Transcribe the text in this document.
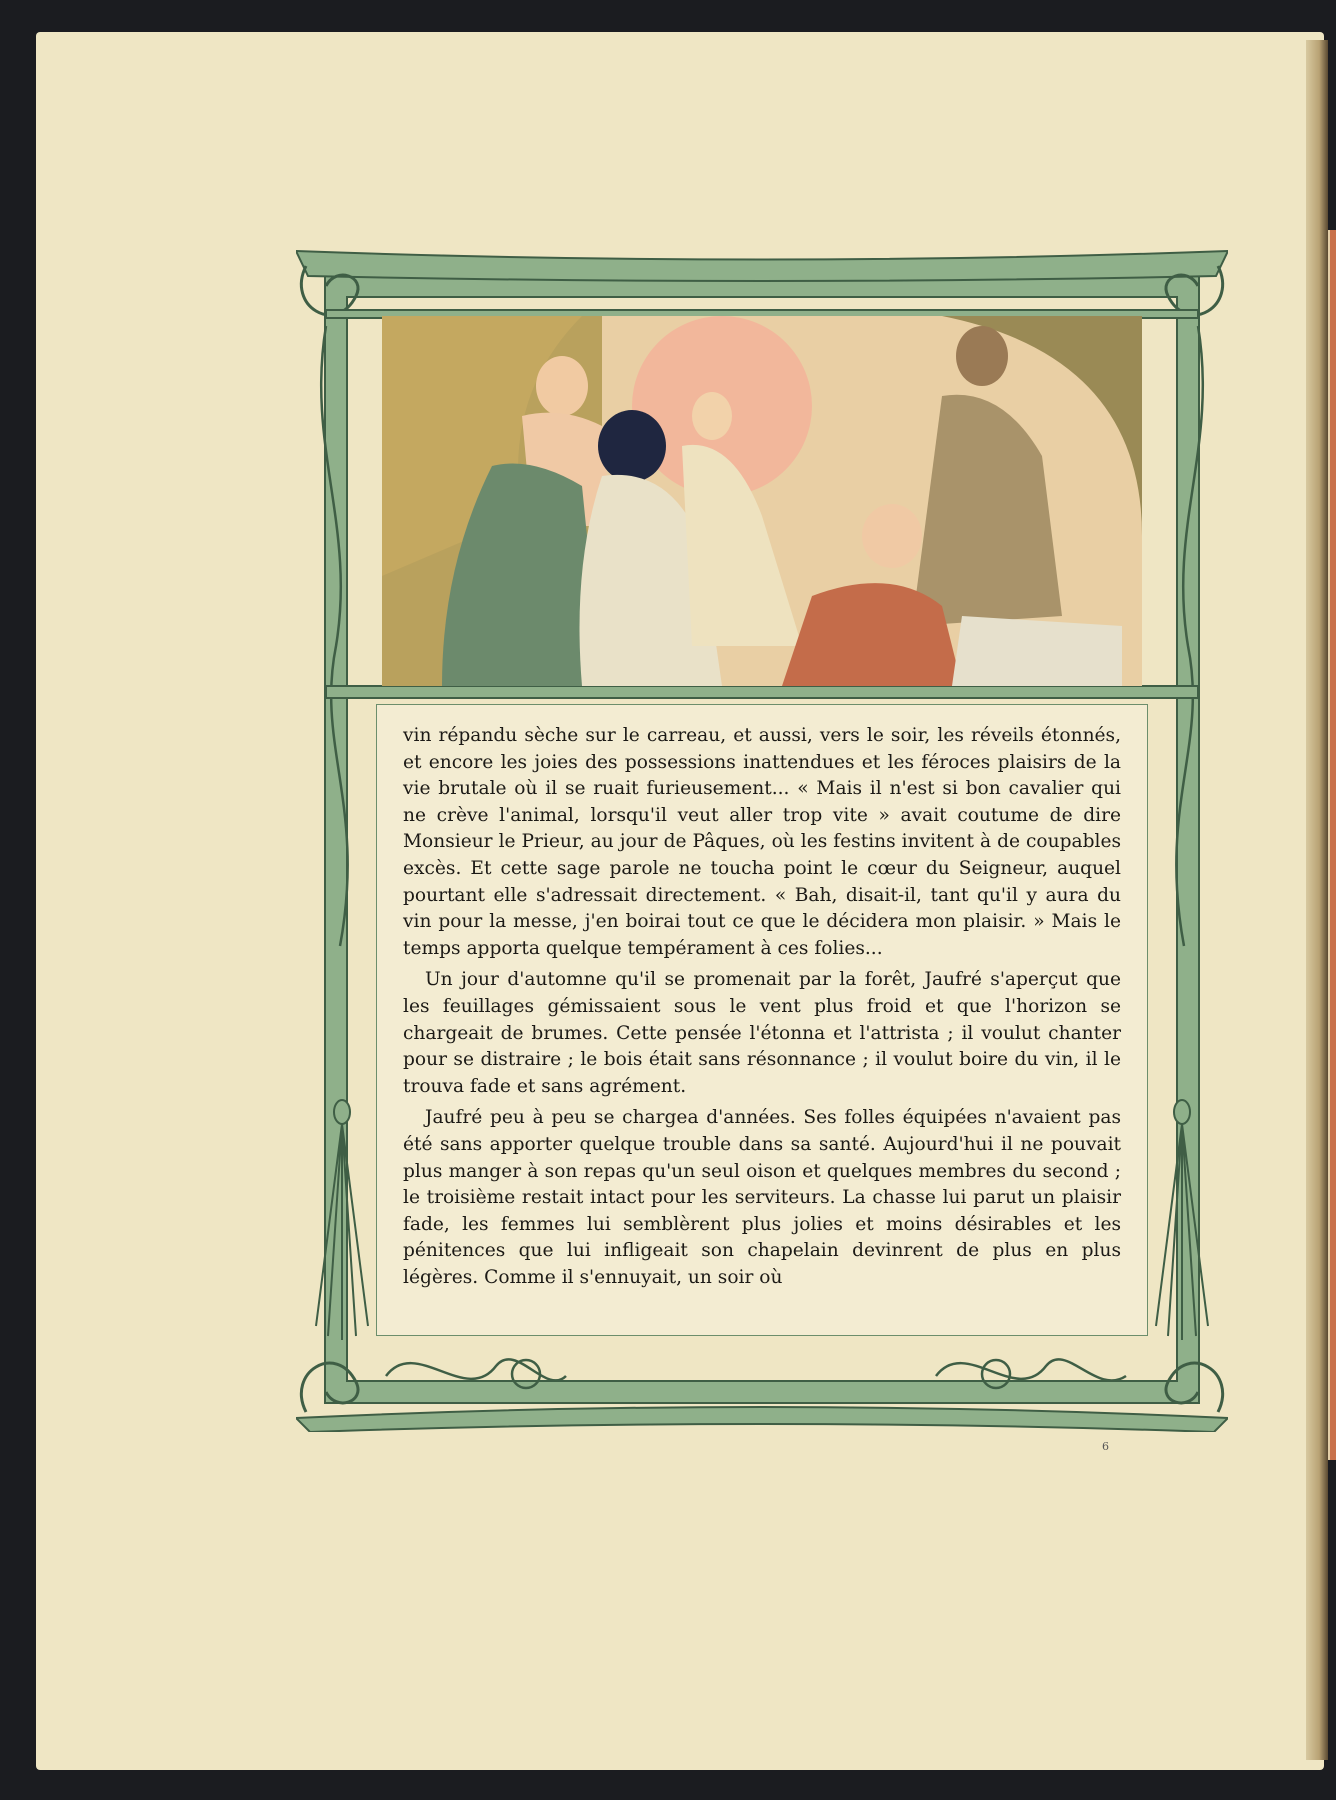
vin répandu sèche sur le carreau, et aussi, vers le soir, les réveils étonnés, et encore les joies des possessions inattendues et les féroces plaisirs de la vie brutale où il se ruait furieusement... « Mais il n'est si bon cavalier qui ne crève l'animal, lorsqu'il veut aller trop vite » avait coutume de dire Monsieur le Prieur, au jour de Pâques, où les festins invitent à de coupables excès. Et cette sage parole ne toucha point le cœur du Seigneur, auquel pourtant elle s'adressait directement. « Bah, disait-il, tant qu'il y aura du vin pour la messe, j'en boirai tout ce que le décidera mon plaisir. » Mais le temps apporta quelque tempérament à ces folies...

Un jour d'automne qu'il se promenait par la forêt, Jaufré s'aperçut que les feuillages gémissaient sous le vent plus froid et que l'horizon se chargeait de brumes. Cette pensée l'étonna et l'attrista ; il voulut chanter pour se distraire ; le bois était sans résonnance ; il voulut boire du vin, il le trouva fade et sans agrément.

Jaufré peu à peu se chargea d'années. Ses folles équipées n'avaient pas été sans apporter quelque trouble dans sa santé. Aujourd'hui il ne pouvait plus manger à son repas qu'un seul oison et quelques membres du second ; le troisième restait intact pour les serviteurs. La chasse lui parut un plaisir fade, les femmes lui semblèrent plus jolies et moins désirables et les pénitences que lui infligeait son chapelain devinrent de plus en plus légères. Comme il s'ennuyait, un soir où

6
